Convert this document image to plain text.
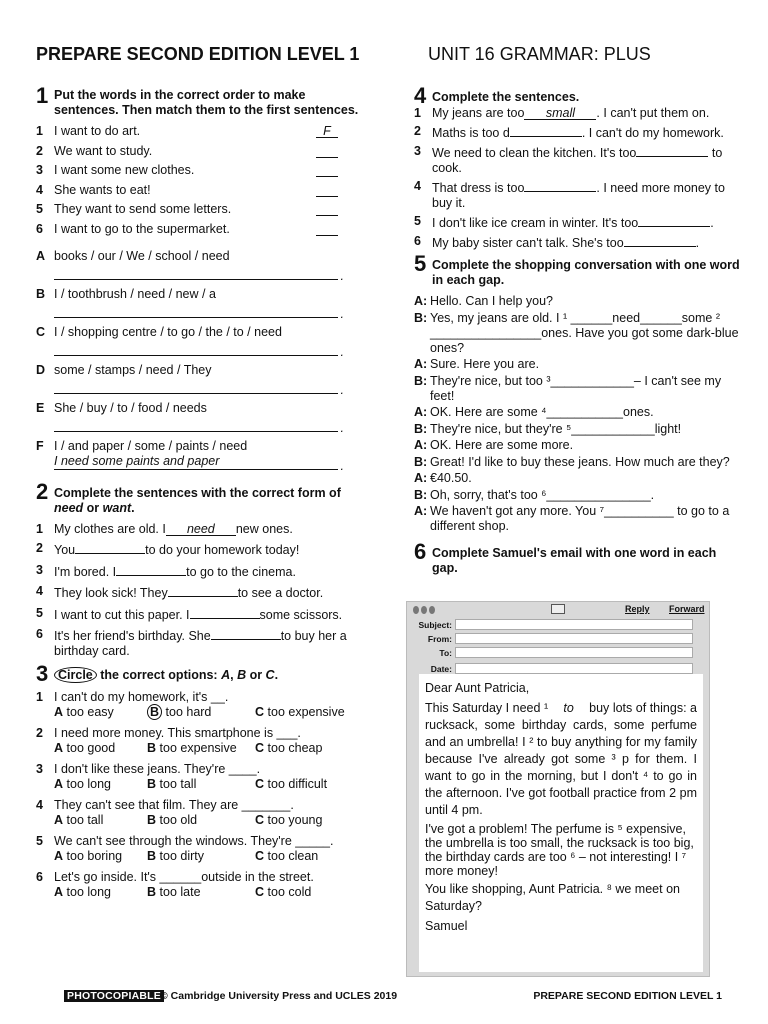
PREPARE SECOND EDITION LEVEL 1	UNIT 16 GRAMMAR: PLUS
1 Put the words in the correct order to make sentences. Then match them to the first sentences.
1 I want to do art.	F
2 We want to study.
3 I want some new clothes.
4 She wants to eat!
5 They want to send some letters.
6 I want to go to the supermarket.
A books / our / We / school / need
.
B I / toothbrush / need / new / a
.
C I / shopping centre / to go / the / to / need
.
D some / stamps / need / They
.
E She / buy / to / food / needs
.
F I / and paper / some / paints / need
I need some paints and paper .
2 Complete the sentences with the correct form of
need or want.
1 My clothes are old. I need new ones.
2 You	to do your homework today!
3 I'm bored. I	to go to the cinema.
4 They look sick! They	to see a doctor.
5 I want to cut this paper. I	some scissors.
6 It's her friend's birthday. She	to buy her a birthday card.
3 Circle the correct options: A, B or C.
1 I can't do my homework, it's __.
A too easy	B too hard	C too expensive
2 I need more money. This smartphone is ___.
A too good	B too expensive	C too cheap
3 I don't like these jeans. They're ____.
A too long	B too tall	C too difficult
4 They can't see that film. They are _______.
A too tall	B too old	C too young
5 We can't see through the windows. They're _____.
A too boring	B too dirty	C too clean
6 Let's go inside. It's ______outside in the street.
A too long	B too late	C too cold
4 Complete the sentences.
1 My jeans are too small . I can't put them on.
2 Maths is too d	. I can't do my homework.
3 We need to clean the kitchen. It's too	to cook.
4 That dress is too	. I need more money to buy it.
5 I don't like ice cream in winter. It's too	.
6 My baby sister can't talk. She's too	.
5 Complete the shopping conversation with one word in each gap.
A: Hello. Can I help you?
B: Yes, my jeans are old. I ¹ ______need______some ² ________________ones. Have you got some dark-blue ones?
A: Sure. Here you are.
B: They're nice, but too ³____________– I can't see my feet!
A: OK. Here are some ⁴___________ones.
B: They're nice, but they're ⁵____________light!
A: OK. Here are some more.
B: Great! I'd like to buy these jeans. How much are they?
A: €40.50.
B: Oh, sorry, that's too ⁶_______________.
A: We haven't got any more. You ⁷__________ to go to a different shop.
6 Complete Samuel's email with one word in each gap.
Reply Forward
Subject:
From:
To:
Date:

Dear Aunt Patricia,

This Saturday I need ¹ to buy lots of things: a rucksack, some birthday cards, some perfume and an umbrella! I ² to buy anything for my family because I've already got some ³ p for them. I want to go in the morning, but I don't ⁴ to go in the afternoon. I've got football practice from 2 pm until 4 pm.

I've got a problem! The perfume is ⁵ expensive, the umbrella is too small, the rucksack is too big, the birthday cards are too ⁶ – not interesting! I ⁷ more money!

You like shopping, Aunt Patricia. ⁸ we meet on Saturday?

Samuel

PHOTOCOPIABLE © Cambridge University Press and UCLES 2019	PREPARE SECOND EDITION LEVEL 1
